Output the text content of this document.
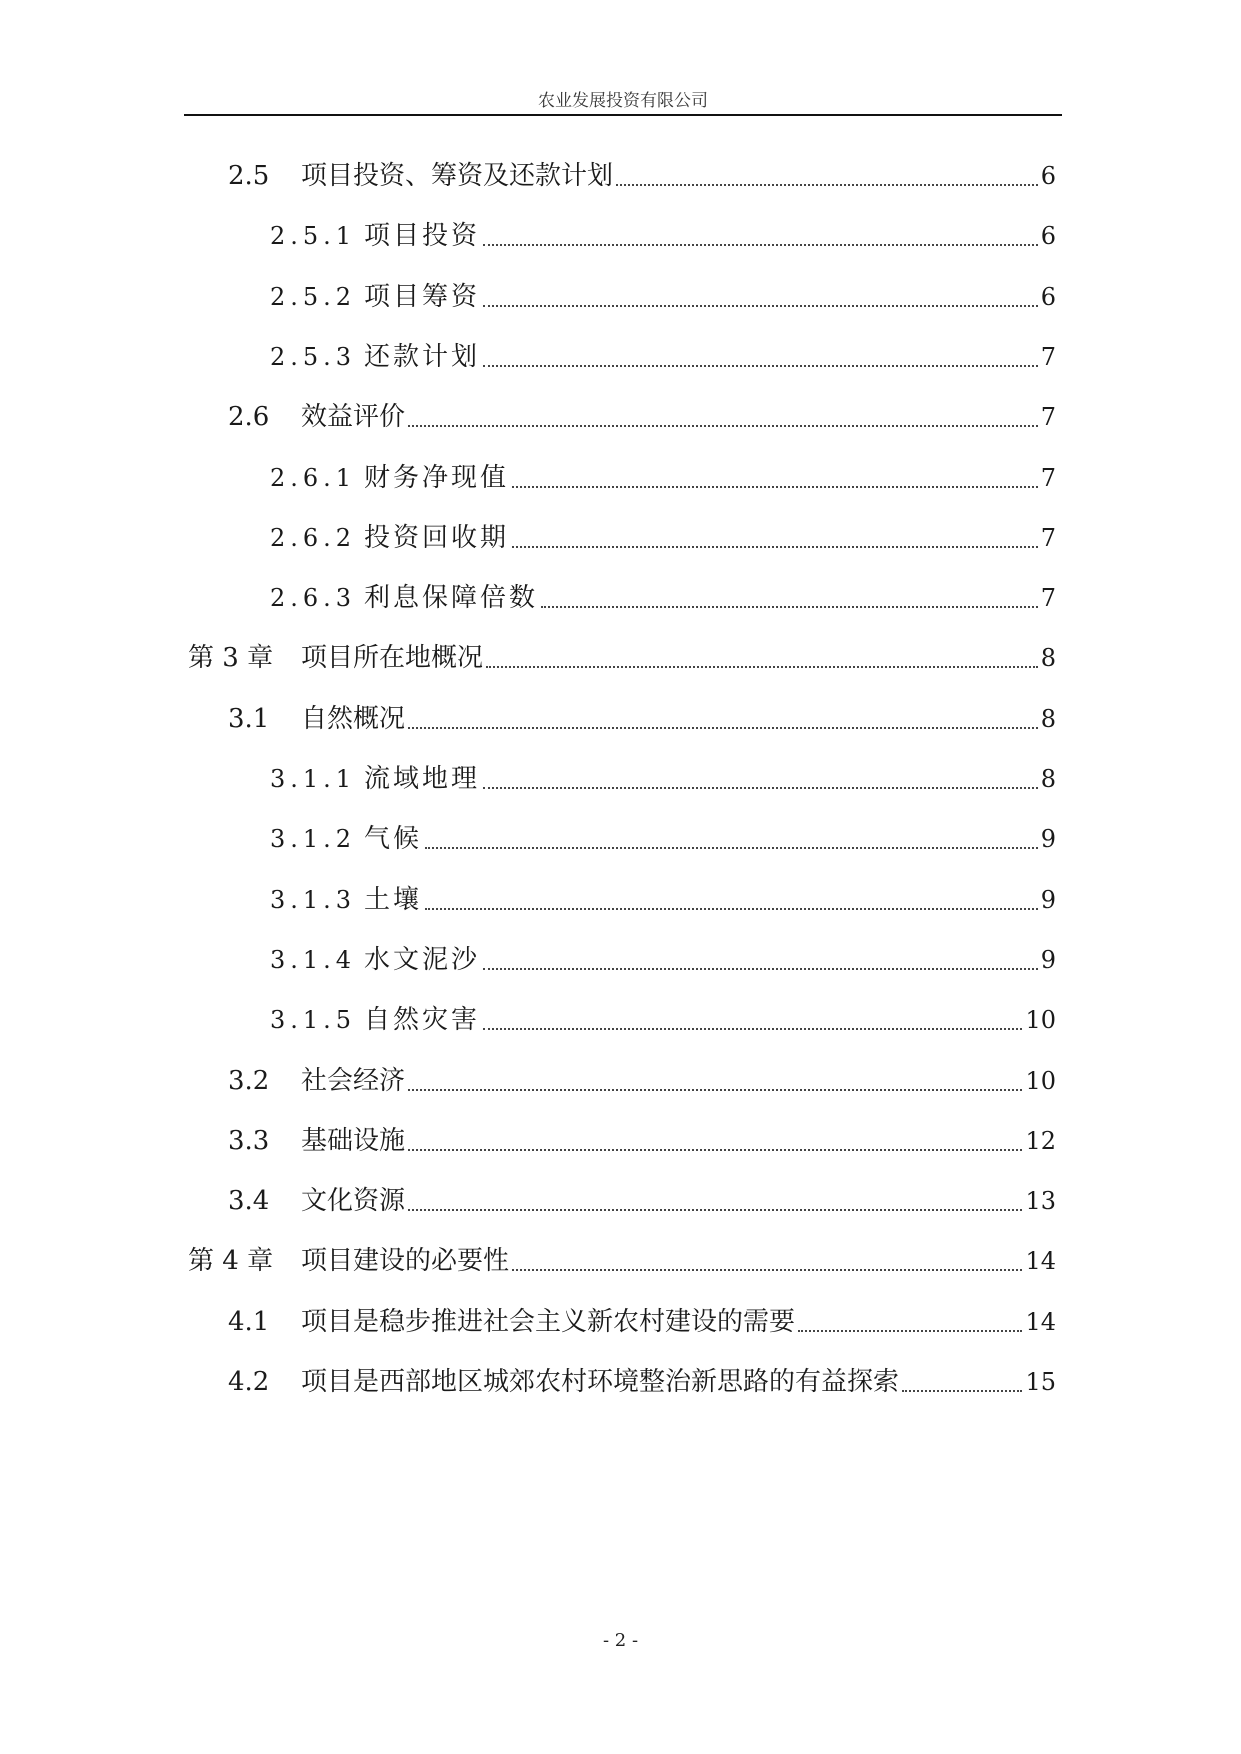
农业发展投资有限公司
2.5	项目投资、筹资及还款计划	6
2.5.1 项目投资	6
2.5.2 项目筹资	6
2.5.3 还款计划	7
2.6	效益评价	7
2.6.1 财务净现值	7
2.6.2 投资回收期	7
2.6.3 利息保障倍数	7
第 3 章	项目所在地概况	8
3.1	自然概况	8
3.1.1 流域地理	8
3.1.2 气候	9
3.1.3 土壤	9
3.1.4 水文泥沙	9
3.1.5 自然灾害	10
3.2	社会经济	10
3.3	基础设施	12
3.4	文化资源	13
第 4 章	项目建设的必要性	14
4.1	项目是稳步推进社会主义新农村建设的需要	14
4.2	项目是西部地区城郊农村环境整治新思路的有益探索	15
- 2 -
